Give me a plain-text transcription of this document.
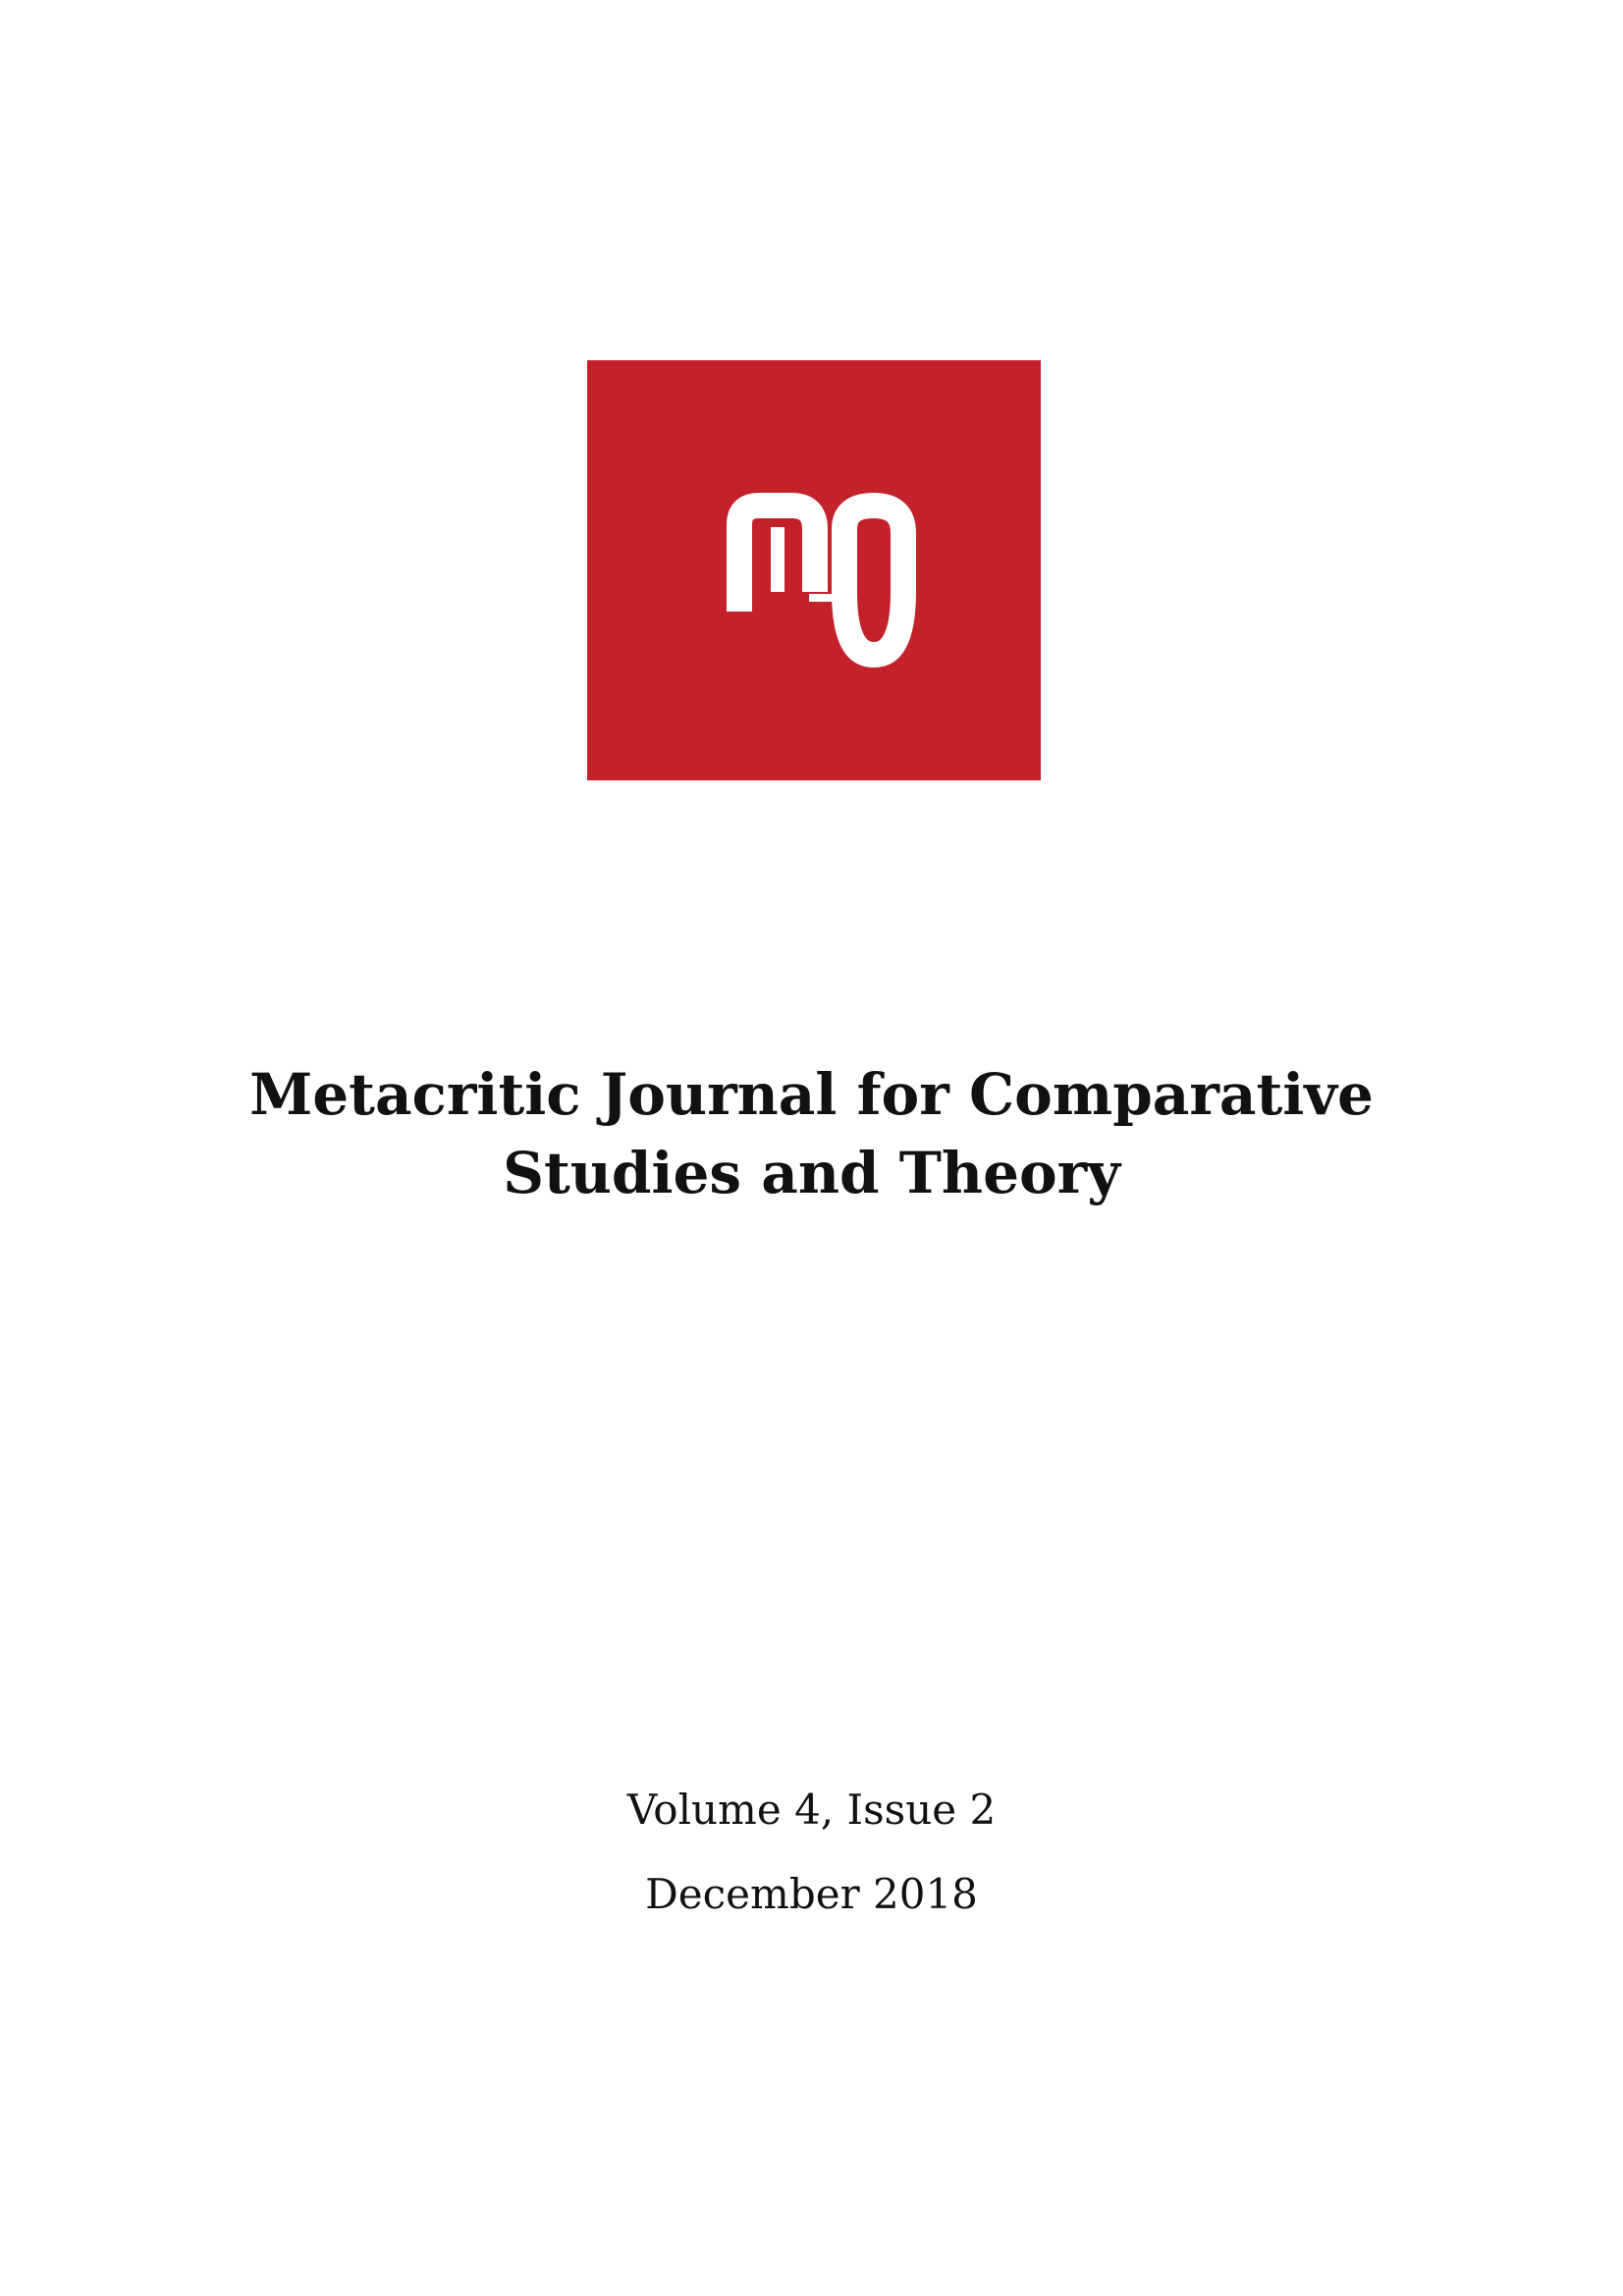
Metacritic Journal for Comparative
Studies and Theory
Volume 4, Issue 2
December 2018
